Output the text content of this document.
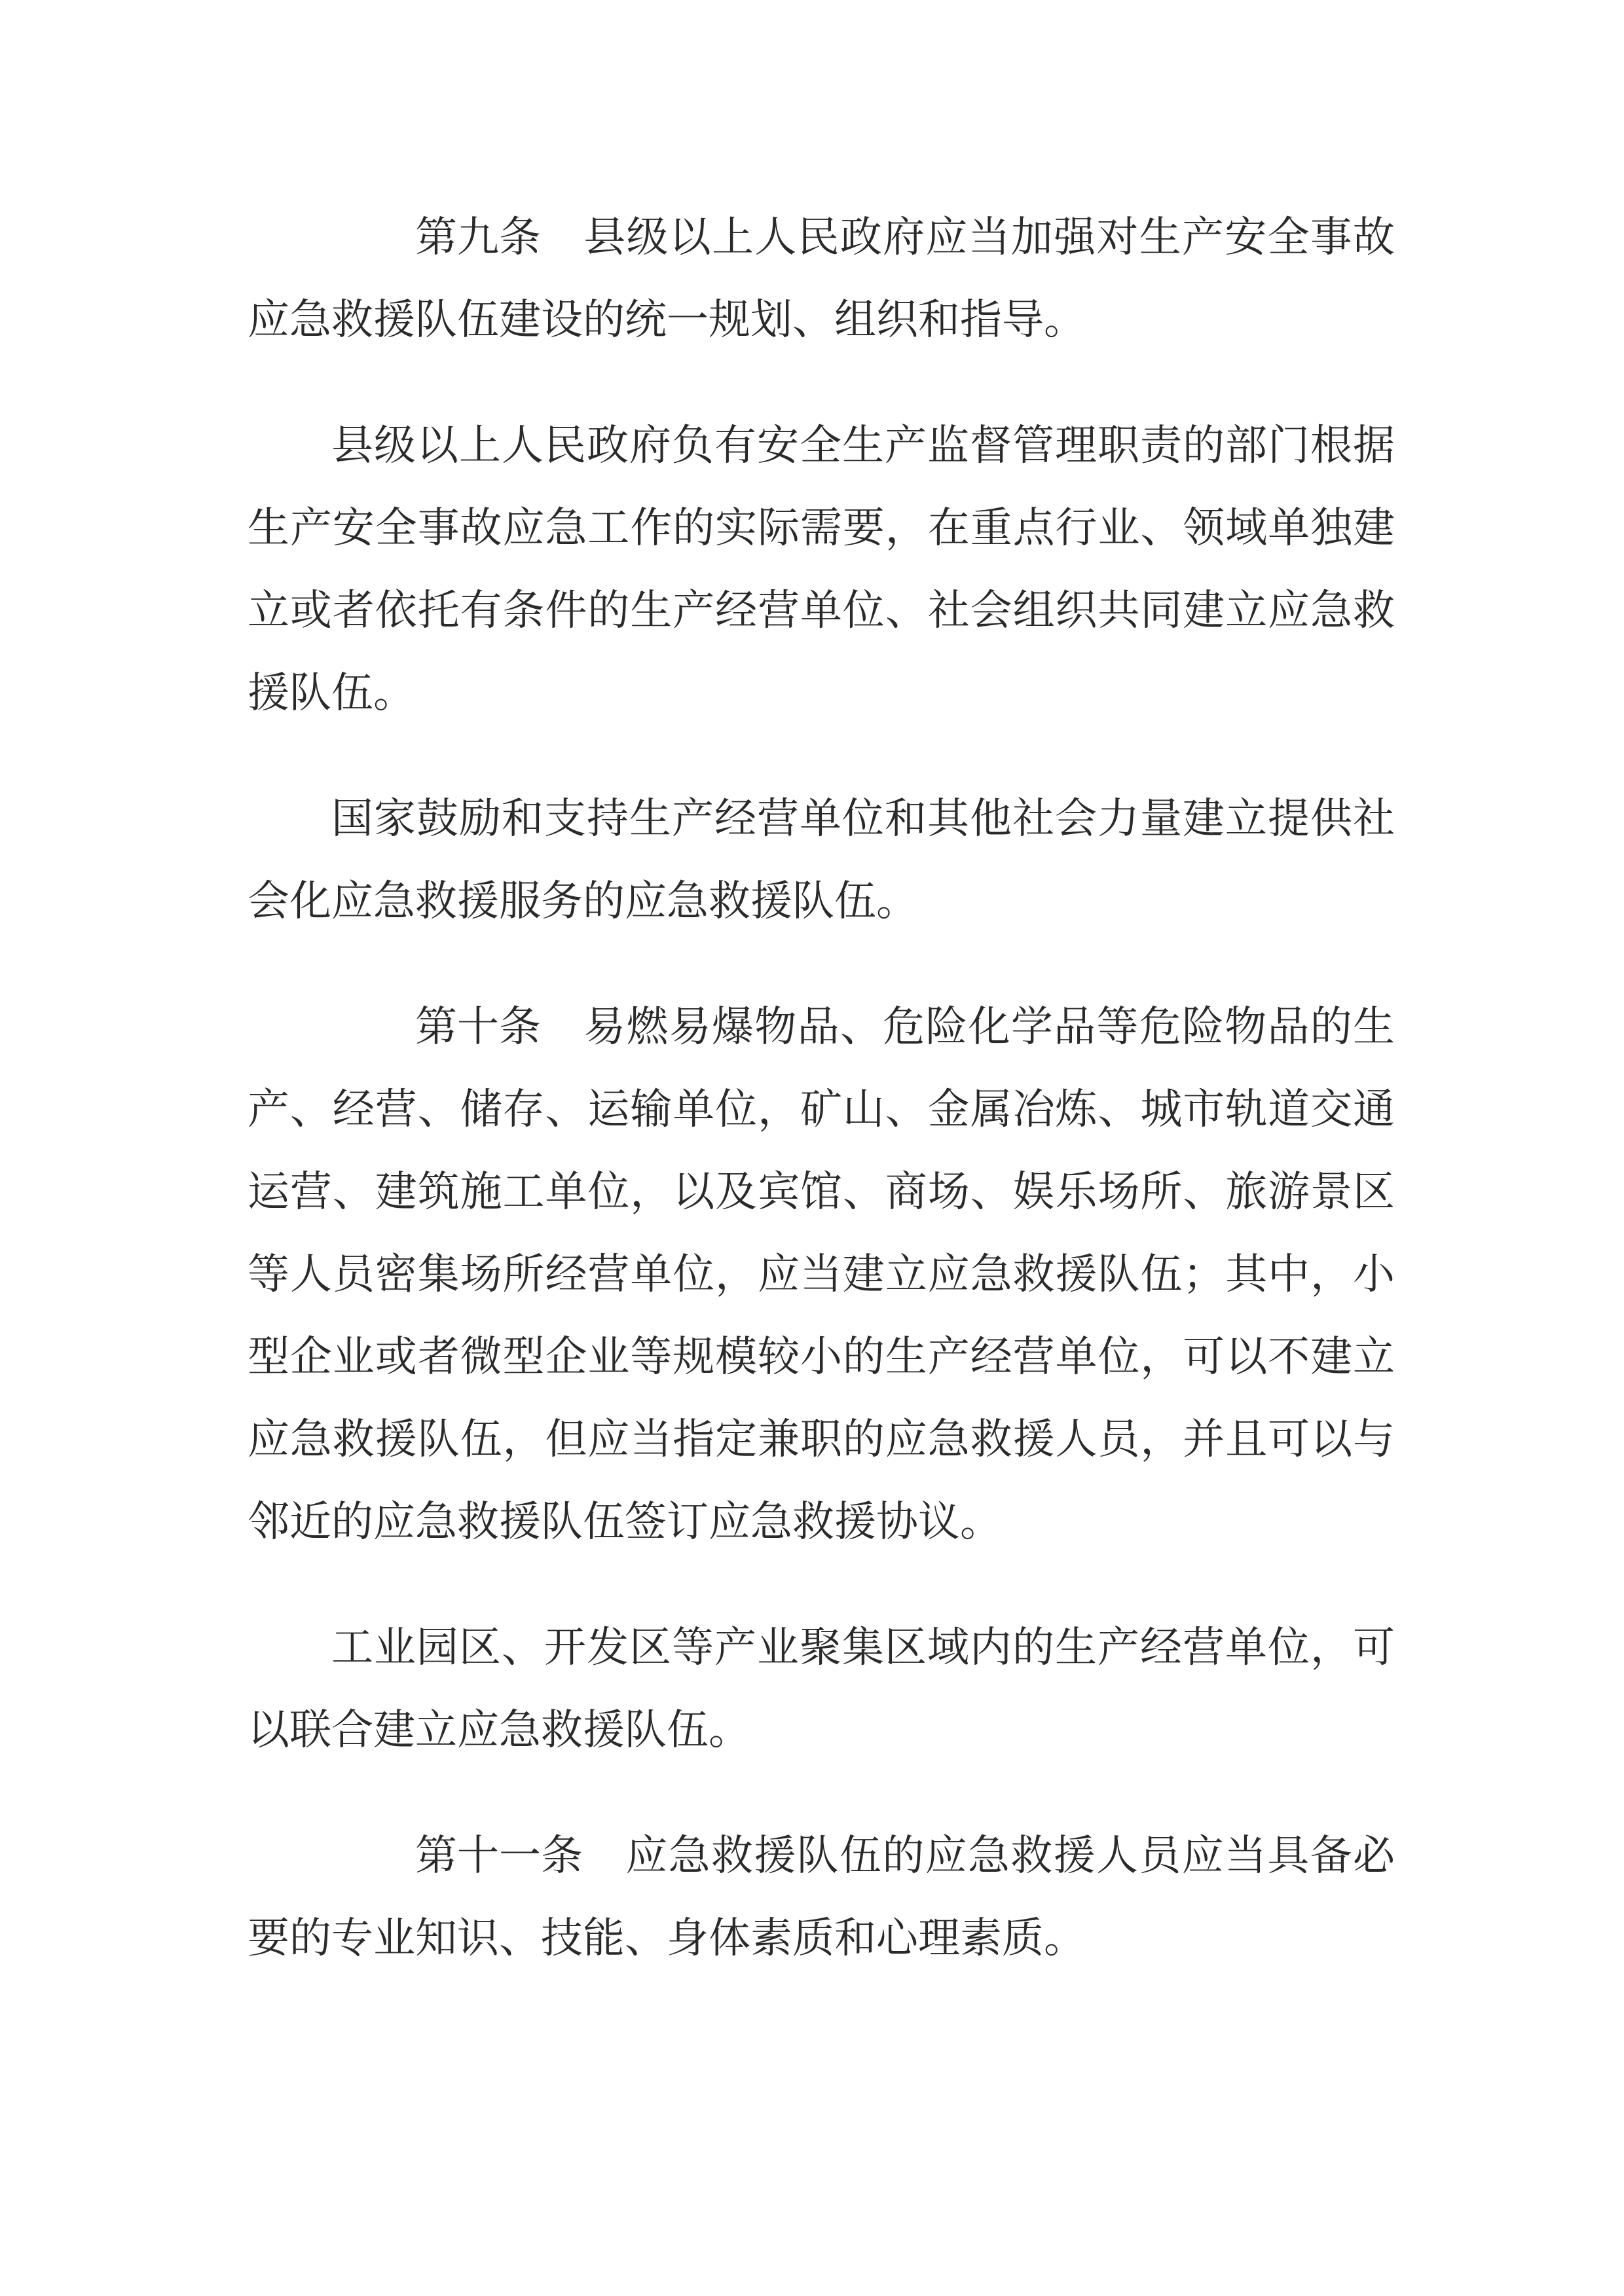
第九条 县级以上人民政府应当加强对生产安全事故应急救援队伍建设的统一规划、组织和指导。

县级以上人民政府负有安全生产监督管理职责的部门根据生产安全事故应急工作的实际需要，在重点行业、领域单独建立或者依托有条件的生产经营单位、社会组织共同建立应急救援队伍。

国家鼓励和支持生产经营单位和其他社会力量建立提供社会化应急救援服务的应急救援队伍。

第十条 易燃易爆物品、危险化学品等危险物品的生产、经营、储存、运输单位，矿山、金属冶炼、城市轨道交通运营、建筑施工单位，以及宾馆、商场、娱乐场所、旅游景区等人员密集场所经营单位，应当建立应急救援队伍；其中，小型企业或者微型企业等规模较小的生产经营单位，可以不建立应急救援队伍，但应当指定兼职的应急救援人员，并且可以与邻近的应急救援队伍签订应急救援协议。

工业园区、开发区等产业聚集区域内的生产经营单位，可以联合建立应急救援队伍。

第十一条 应急救援队伍的应急救援人员应当具备必要的专业知识、技能、身体素质和心理素质。
